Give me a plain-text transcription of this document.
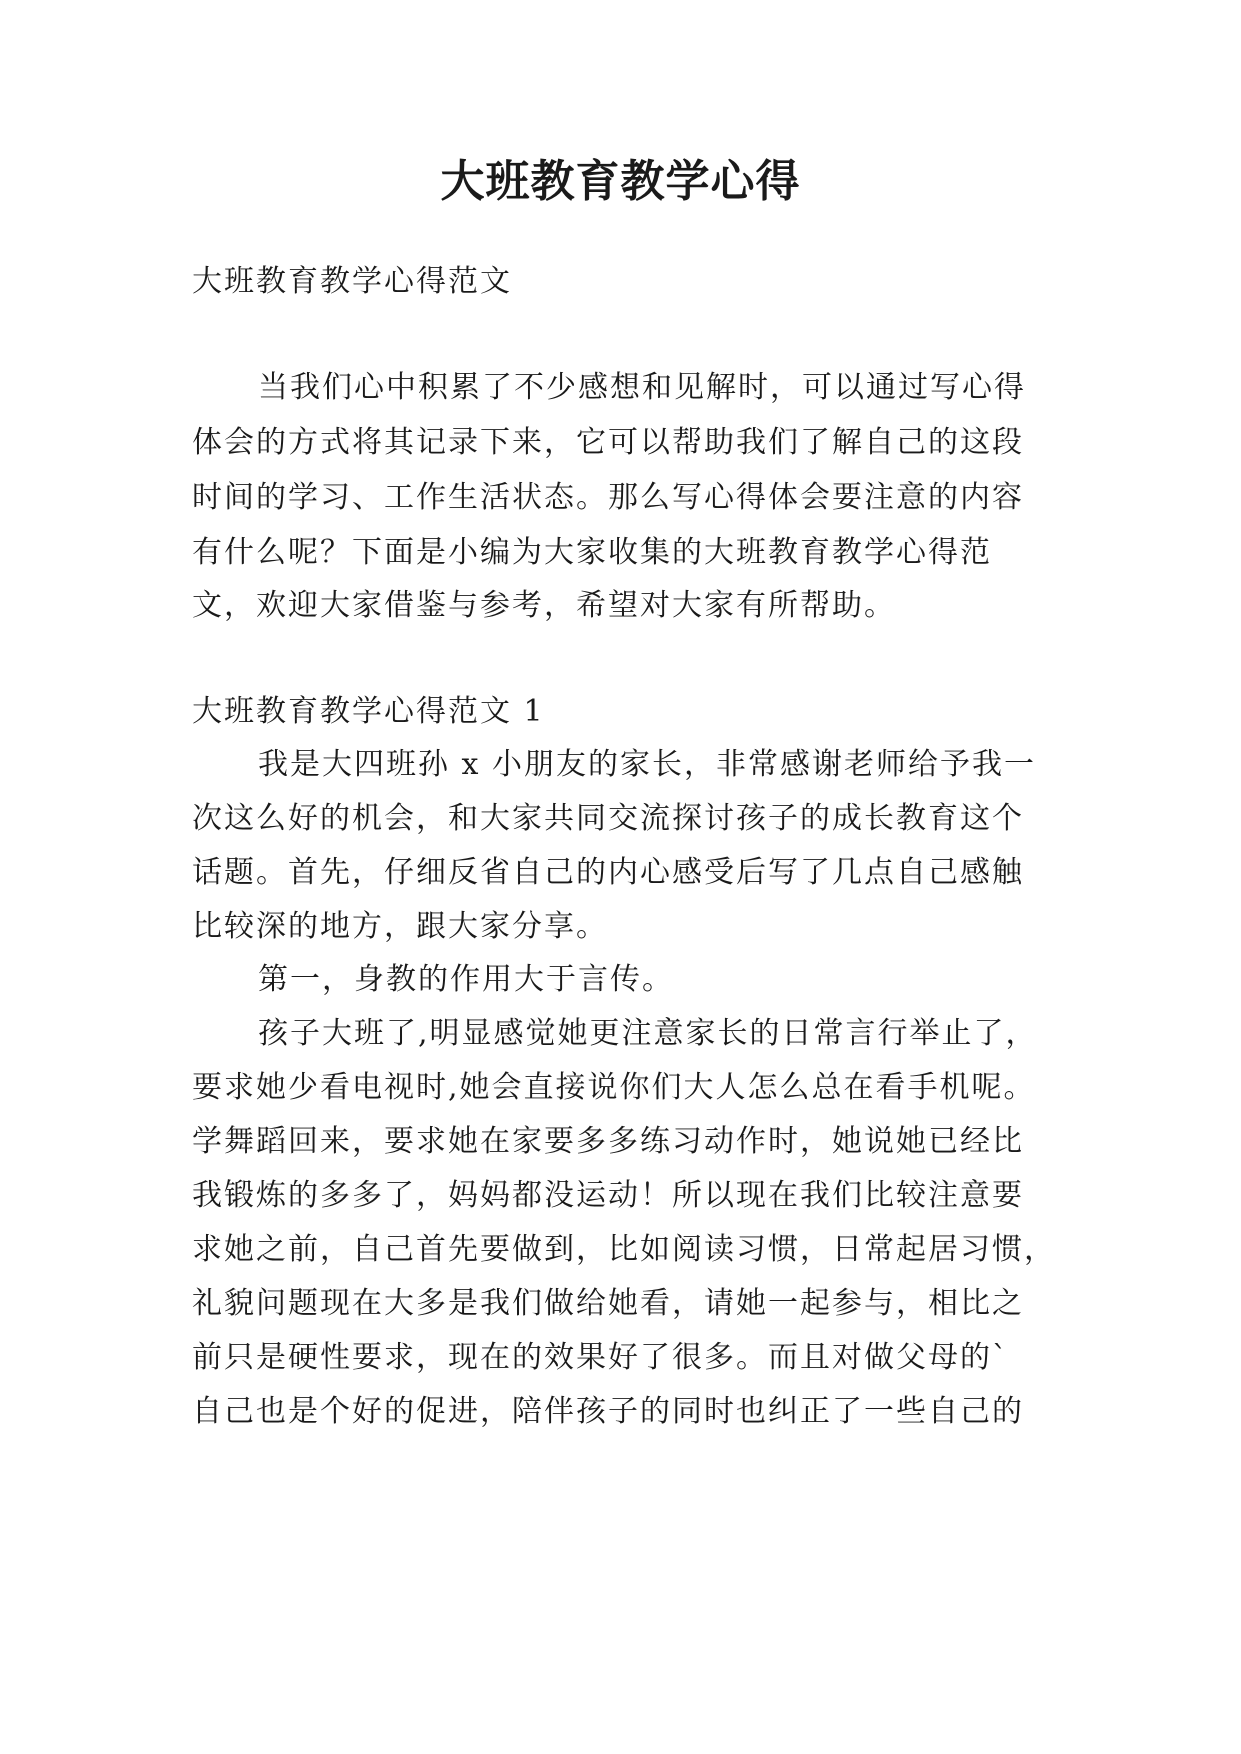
大班教育教学心得
大班教育教学心得范文
当我们心中积累了不少感想和见解时，可以通过写心得
体会的方式将其记录下来，它可以帮助我们了解自己的这段
时间的学习、工作生活状态。那么写心得体会要注意的内容
有什么呢？下面是小编为大家收集的大班教育教学心得范
文，欢迎大家借鉴与参考，希望对大家有所帮助。
大班教育教学心得范文 1
我是大四班孙 x 小朋友的家长，非常感谢老师给予我一
次这么好的机会，和大家共同交流探讨孩子的成长教育这个
话题。首先，仔细反省自己的内心感受后写了几点自己感触
比较深的地方，跟大家分享。
第一，身教的作用大于言传。
孩子大班了,明显感觉她更注意家长的日常言行举止了，
要求她少看电视时,她会直接说你们大人怎么总在看手机呢。
学舞蹈回来，要求她在家要多多练习动作时，她说她已经比
我锻炼的多多了，妈妈都没运动！所以现在我们比较注意要
求她之前，自己首先要做到，比如阅读习惯，日常起居习惯，
礼貌问题现在大多是我们做给她看，请她一起参与，相比之
前只是硬性要求，现在的效果好了很多。而且对做父母的`
自己也是个好的促进，陪伴孩子的同时也纠正了一些自己的
